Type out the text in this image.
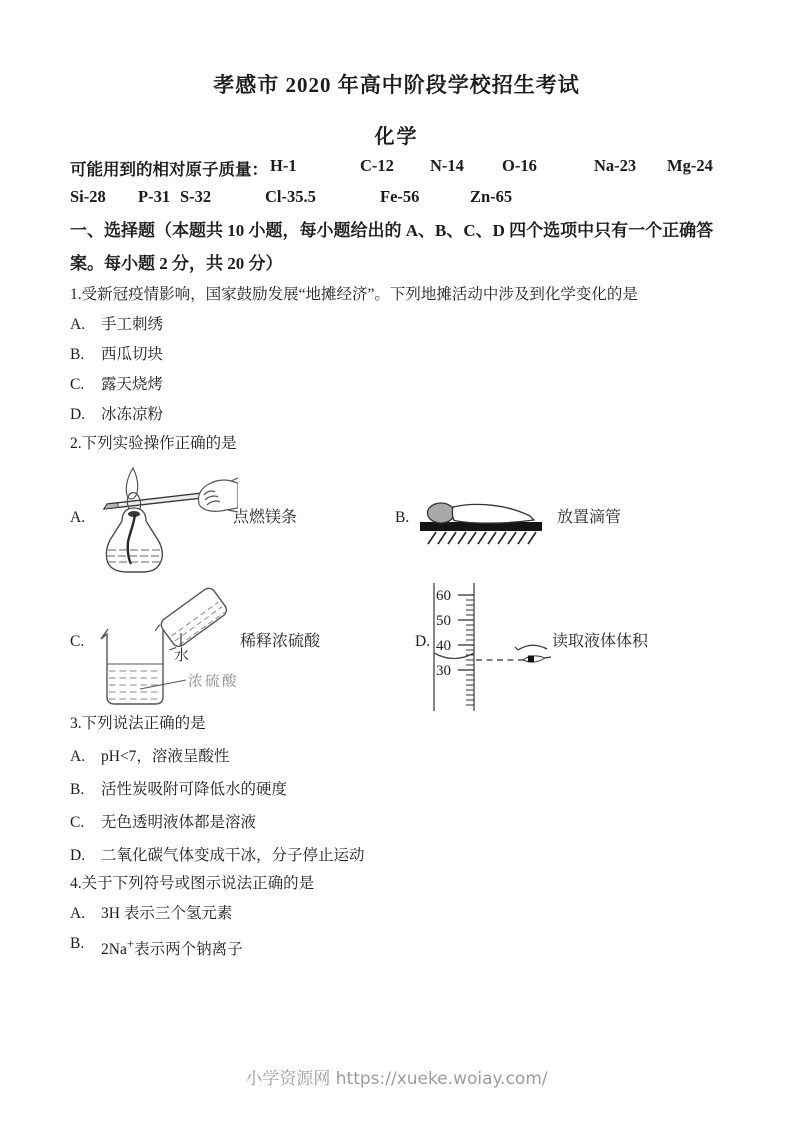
孝感市 2020 年高中阶段学校招生考试
化学
可能用到的相对原子质量： H-1	C-12 N-14 O-16	Na-23 Mg-24
Si-28 P-31 S-32	Cl-35.5	Fe-56	Zn-65
一、选择题（本题共 10 小题，每小题给出的 A、B、C、D 四个选项中只有一个正确答案。每小题 2 分，共 20 分）
1.受新冠疫情影响，国家鼓励发展“地摊经济”。下列地摊活动中涉及到化学变化的是
A.	手工刺绣
B.	西瓜切块
C.	露天烧烤
D.	冰冻凉粉
2.下列实验操作正确的是
A.	点燃镁条	B.	放置滴管
C.
水
浓硫酸
稀释浓硫酸	D.
60
50
40
30
读取液体体积
3.下列说法正确的是
A.	pH<7，溶液呈酸性
B.	活性炭吸附可降低水的硬度
C.	无色透明液体都是溶液
D.	二氧化碳气体变成干冰，分子停止运动
4.关于下列符号或图示说法正确的是
A.	3H 表示三个氢元素
B.	2Na+表示两个钠离子
小学资源网 https://xueke.woiay.com/
